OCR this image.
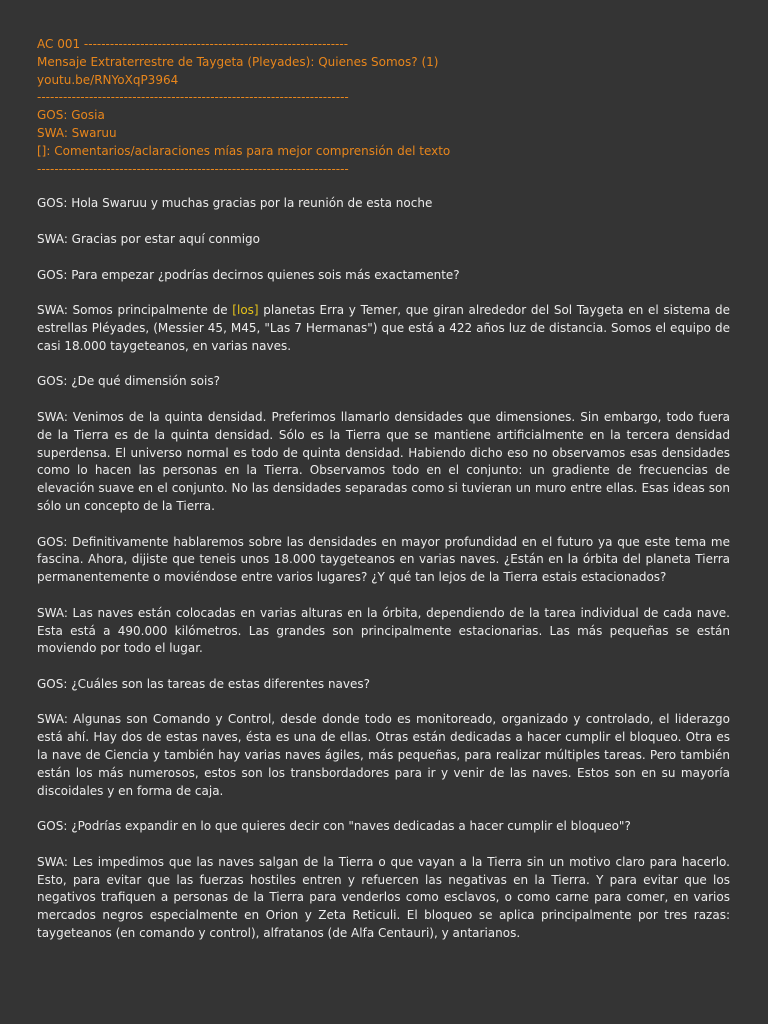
AC 001 -------------------------------------------------------------
Mensaje Extraterrestre de Taygeta (Pleyades): Quienes Somos? (1)
youtu.be/RNYoXqP3964
------------------------------------------------------------------------
GOS: Gosia
SWA: Swaruu
[]: Comentarios/aclaraciones mías para mejor comprensión del texto
------------------------------------------------------------------------

GOS: Hola Swaruu y muchas gracias por la reunión de esta noche

SWA: Gracias por estar aquí conmigo

GOS: Para empezar ¿podrías decirnos quienes sois más exactamente?

SWA: Somos principalmente de [los] planetas Erra y Temer, que giran alrededor del Sol Taygeta en el sistema de estrellas Pléyades, (Messier 45, M45, "Las 7 Hermanas") que está a 422 años luz de distancia. Somos el equipo de casi 18.000 taygeteanos, en varias naves.

GOS: ¿De qué dimensión sois?

SWA: Venimos de la quinta densidad. Preferimos llamarlo densidades que dimensiones. Sin embargo, todo fuera de la Tierra es de la quinta densidad. Sólo es la Tierra que se mantiene artificialmente en la tercera densidad superdensa. El universo normal es todo de quinta densidad. Habiendo dicho eso no observamos esas densidades como lo hacen las personas en la Tierra. Observamos todo en el conjunto: un gradiente de frecuencias de elevación suave en el conjunto. No las densidades separadas como si tuvieran un muro entre ellas. Esas ideas son sólo un concepto de la Tierra.

GOS: Definitivamente hablaremos sobre las densidades en mayor profundidad en el futuro ya que este tema me fascina. Ahora, dijiste que teneis unos 18.000 taygeteanos en varias naves. ¿Están en la órbita del planeta Tierra permanentemente o moviéndose entre varios lugares? ¿Y qué tan lejos de la Tierra estais estacionados?

SWA: Las naves están colocadas en varias alturas en la órbita, dependiendo de la tarea individual de cada nave. Esta está a 490.000 kilómetros. Las grandes son principalmente estacionarias. Las más pequeñas se están moviendo por todo el lugar.

GOS: ¿Cuáles son las tareas de estas diferentes naves?

SWA: Algunas son Comando y Control, desde donde todo es monitoreado, organizado y controlado, el liderazgo está ahí. Hay dos de estas naves, ésta es una de ellas. Otras están dedicadas a hacer cumplir el bloqueo. Otra es la nave de Ciencia y también hay varias naves ágiles, más pequeñas, para realizar múltiples tareas. Pero también están los más numerosos, estos son los transbordadores para ir y venir de las naves. Estos son en su mayoría discoidales y en forma de caja.

GOS: ¿Podrías expandir en lo que quieres decir con "naves dedicadas a hacer cumplir el bloqueo"?

SWA: Les impedimos que las naves salgan de la Tierra o que vayan a la Tierra sin un motivo claro para hacerlo. Esto, para evitar que las fuerzas hostiles entren y refuercen las negativas en la Tierra. Y para evitar que los negativos trafiquen a personas de la Tierra para venderlos como esclavos, o como carne para comer, en varios mercados negros especialmente en Orion y Zeta Reticuli. El bloqueo se aplica principalmente por tres razas: taygeteanos (en comando y control), alfratanos (de Alfa Centauri), y antarianos.
